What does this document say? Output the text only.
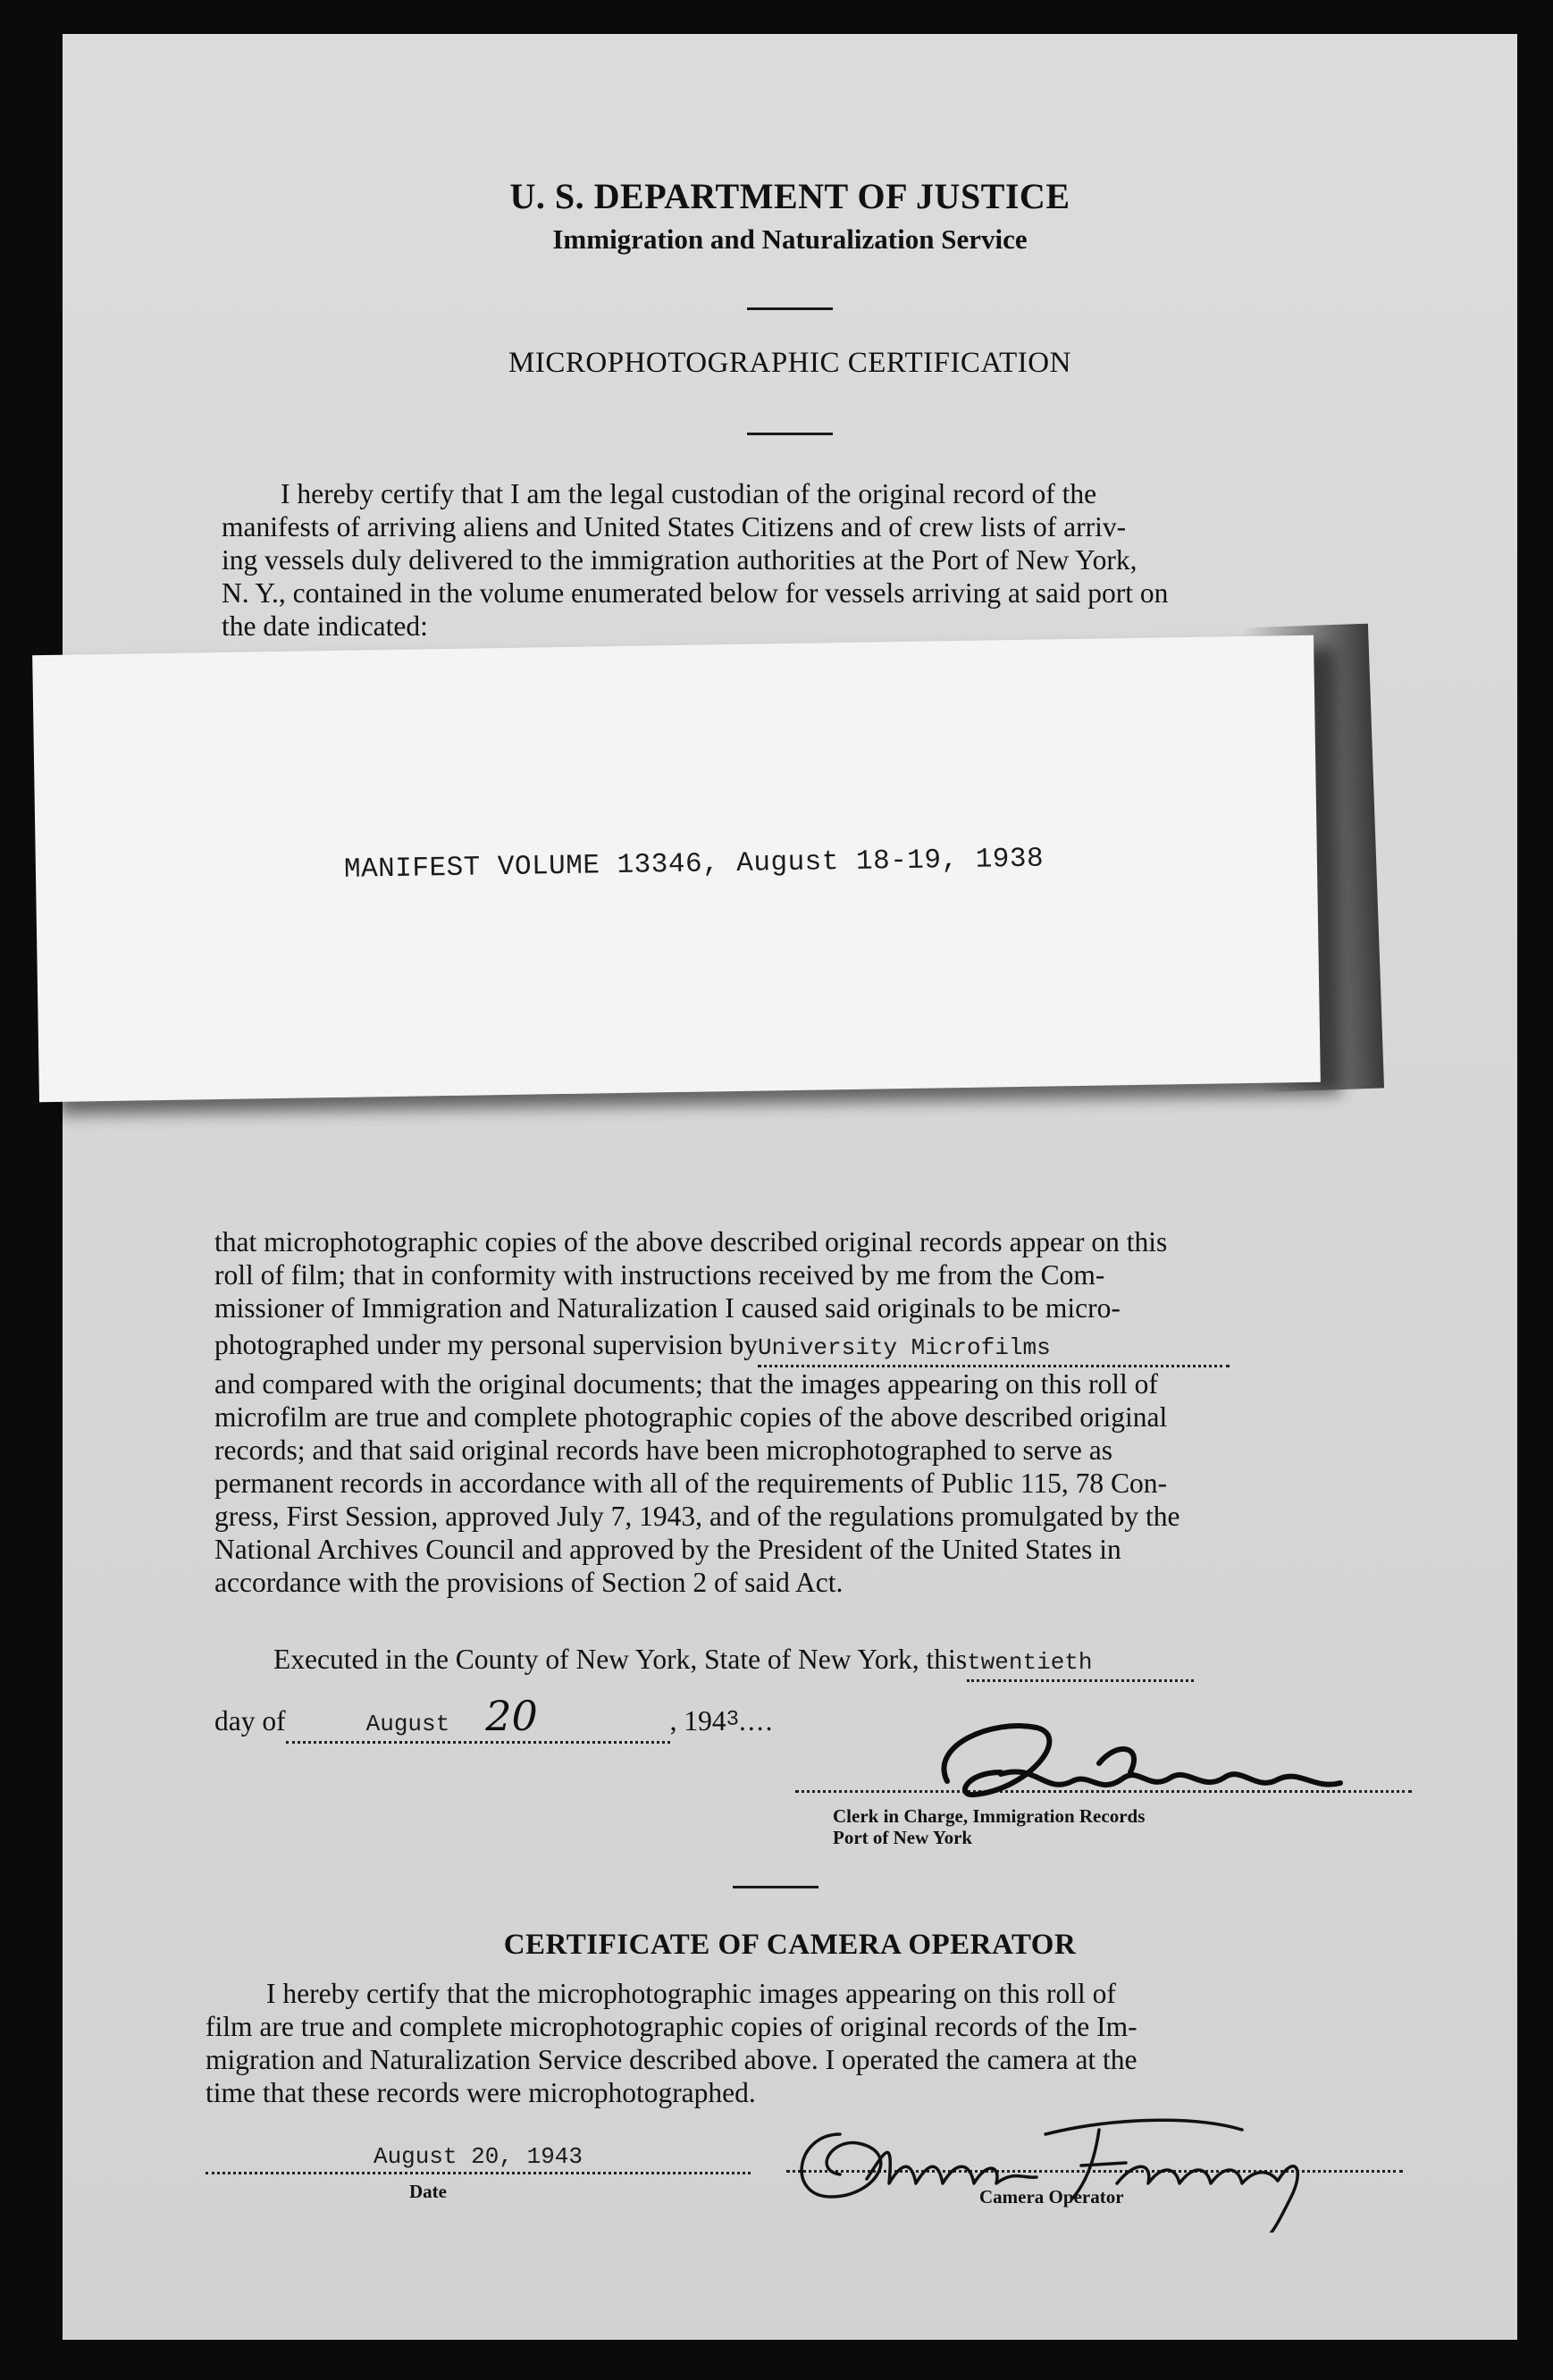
U. S. DEPARTMENT OF JUSTICE
Immigration and Naturalization Service
MICROPHOTOGRAPHIC CERTIFICATION

I hereby certify that I am the legal custodian of the original record of the

manifests of arriving aliens and United States Citizens and of crew lists of arriv-

ing vessels duly delivered to the immigration authorities at the Port of New York,

N. Y., contained in the volume enumerated below for vessels arriving at said port on

the date indicated:

that microphotographic copies of the above described original records appear on this

roll of film; that in conformity with instructions received by me from the Com-

missioner of Immigration and Naturalization I caused said originals to be micro-

photographed under my personal supervision byUniversity Microfilms

and compared with the original documents; that the images appearing on this roll of

microfilm are true and complete photographic copies of the above described original

records; and that said original records have been microphotographed to serve as

permanent records in accordance with all of the requirements of Public 115, 78 Con-

gress, First Session, approved July 7, 1943, and of the regulations promulgated by the

National Archives Council and approved by the President of the United States in

accordance with the provisions of Section 2 of said Act.

Executed in the County of New York, State of New York, thistwentieth
day of	August 20	, 1943....
Clerk in Charge, Immigration Records
Port of New York
CERTIFICATE OF CAMERA OPERATOR

I hereby certify that the microphotographic images appearing on this roll of

film are true and complete microphotographic copies of original records of the Im-

migration and Naturalization Service described above. I operated the camera at the

time that these records were microphotographed.

August 20, 1943
Date	Camera Operator
MANIFEST VOLUME 13346, August 18-19, 1938
